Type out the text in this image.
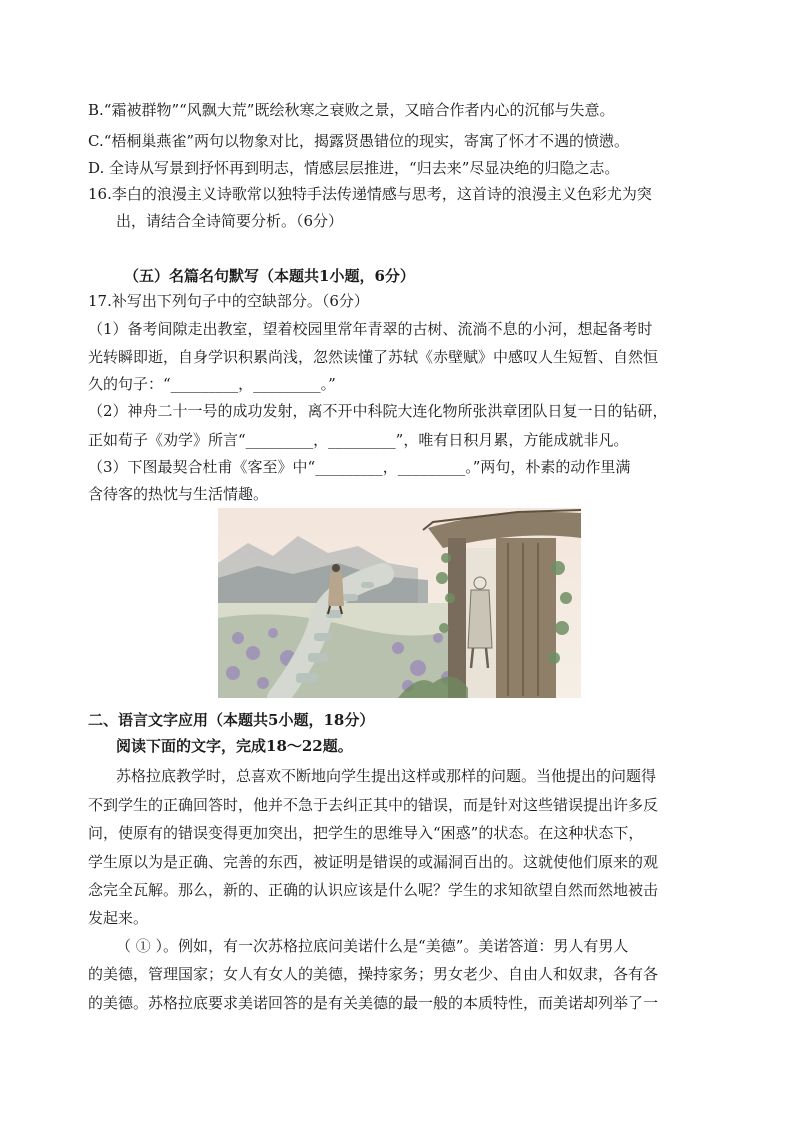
B.“霜被群物”“风飘大荒”既绘秋寒之衰败之景，又暗合作者内心的沉郁与失意。
C.“梧桐巢燕雀”两句以物象对比，揭露贤愚错位的现实，寄寓了怀才不遇的愤懑。
D. 全诗从写景到抒怀再到明志，情感层层推进，“归去来”尽显决绝的归隐之志。
16.李白的浪漫主义诗歌常以独特手法传递情感与思考，这首诗的浪漫主义色彩尤为突
出，请结合全诗简要分析。（6分）
（五）名篇名句默写（本题共1小题，6分）
17.补写出下列句子中的空缺部分。（6分）
（1）备考间隙走出教室，望着校园里常年青翠的古树、流淌不息的小河，想起备考时
光转瞬即逝，自身学识积累尚浅，忽然读懂了苏轼《赤壁赋》中感叹人生短暂、自然恒
久的句子：“_________，_________。”
（2）神舟二十一号的成功发射，离不开中科院大连化物所张洪章团队日复一日的钻研，
正如荀子《劝学》所言“_________，_________”，唯有日积月累，方能成就非凡。
（3）下图最契合杜甫《客至》中“_________，_________。”两句，朴素的动作里满
含待客的热忱与生活情趣。
二、语言文字应用（本题共5小题，18分）
阅读下面的文字，完成18～22题。
苏格拉底教学时，总喜欢不断地向学生提出这样或那样的问题。当他提出的问题得
不到学生的正确回答时，他并不急于去纠正其中的错误，而是针对这些错误提出许多反
问，使原有的错误变得更加突出，把学生的思维导入“困惑”的状态。在这种状态下，
学生原以为是正确、完善的东西，被证明是错误的或漏洞百出的。这就使他们原来的观
念完全瓦解。那么，新的、正确的认识应该是什么呢？学生的求知欲望自然而然地被击
发起来。
（ ① ）。例如，有一次苏格拉底问美诺什么是“美德”。美诺答道：男人有男人
的美德，管理国家；女人有女人的美德，操持家务；男女老少、自由人和奴隶，各有各
的美德。苏格拉底要求美诺回答的是有关美德的最一般的本质特性，而美诺却列举了一
